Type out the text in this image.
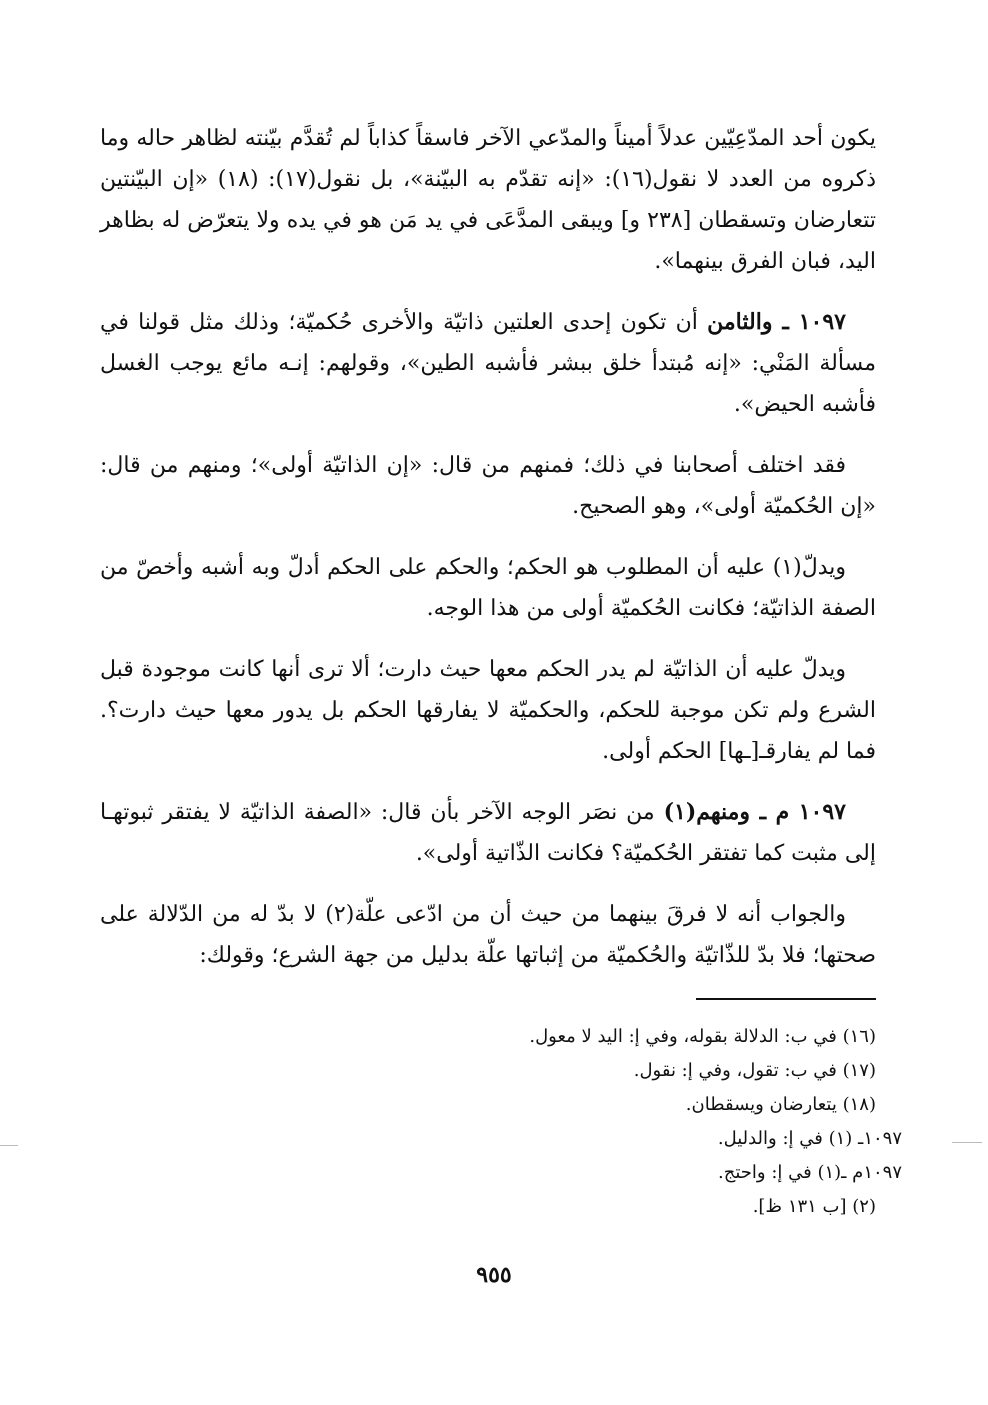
يكون أحد المدّعِيّين عدلاً أميناً والمدّعي الآخر فاسقاً كذاباً لم تُقدَّم بيّنته لظاهر حاله وما ذكروه من العدد لا نقول(١٦): «إنه تقدّم به البيّنة»، بل نقول(١٧): (١٨) «إن البيّنتين تتعارضان وتسقطان [٢٣٨ و] ويبقى المدَّعَى في يد مَن هو في يده ولا يتعرّض له بظاهر اليد، فبان الفرق بينهما».

١٠٩٧ ـ والثامن أن تكون إحدى العلتين ذاتيّة والأخرى حُكميّة؛ وذلك مثل قولنا في مسألة المَنْي: «إنه مُبتدأ خلق ببشر فأشبه الطين»، وقولهم: إنـه مائع يوجب الغسل فأشبه الحيض».

فقد اختلف أصحابنا في ذلك؛ فمنهم من قال: «إن الذاتيّة أولى»؛ ومنهم من قال: «إن الحُكميّة أولى»، وهو الصحيح.

ويدلّ(١) عليه أن المطلوب هو الحكم؛ والحكم على الحكم أدلّ وبه أشبه وأخصّ من الصفة الذاتيّة؛ فكانت الحُكميّة أولى من هذا الوجه.

ويدلّ عليه أن الذاتيّة لم يدر الحكم معها حيث دارت؛ ألا ترى أنها كانت موجودة قبل الشرع ولم تكن موجبة للحكم، والحكميّة لا يفارقها الحكم بل يدور معها حيث دارت؟. فما لم يفارقـ[ـها] الحكم أولى.

١٠٩٧ م ـ ومنهم(١) من نصَر الوجه الآخر بأن قال: «الصفة الذاتيّة لا يفتقر ثبوتهـا إلى مثبت كما تفتقر الحُكميّة؟ فكانت الذّاتية أولى».

والجواب أنه لا فرقَ بينهما من حيث أن من ادّعى علّة(٢) لا بدّ له من الدّلالة على صحتها؛ فلا بدّ للذّاتيّة والحُكميّة من إثباتها علّة بدليل من جهة الشرع؛ وقولك:

(١٦) في ب: الدلالة بقوله، وفي إ: اليد لا معول.
(١٧) في ب: تقول، وفي إ: نقول.
(١٨) يتعارضان ويسقطان.
١٠٩٧ـ (١) في إ: والدليل.
١٠٩٧م ـ(١) في إ: واحتج.
(٢) [ب ١٣١ ظ].
٩٥٥
